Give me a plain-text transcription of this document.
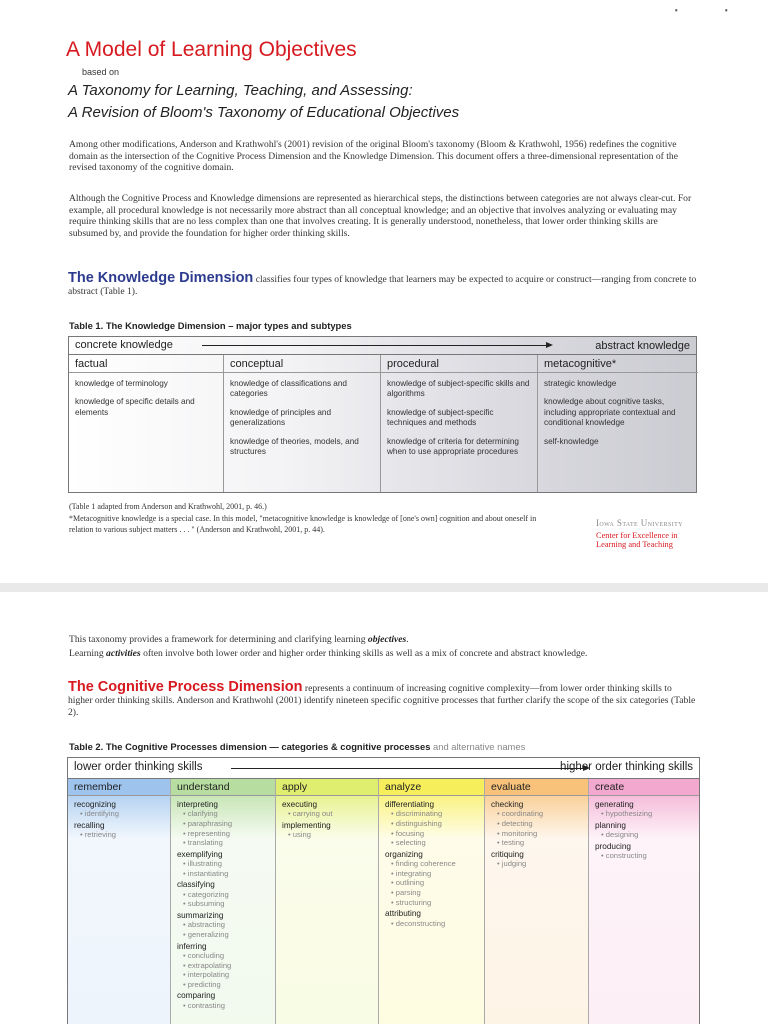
• •
A Model of Learning Objectives
based on
A Taxonomy for Learning, Teaching, and Assessing:
A Revision of Bloom's Taxonomy of Educational Objectives

Among other modifications, Anderson and Krathwohl's (2001) revision of the original Bloom's taxonomy (Bloom & Krathwohl, 1956) redefines the cognitive domain as the intersection of the Cognitive Process Dimension and the Knowledge Dimension. This document offers a three-dimensional representation of the revised taxonomy of the cognitive domain.

Although the Cognitive Process and Knowledge dimensions are represented as hierarchical steps, the distinctions between categories are not always clear-cut. For example, all procedural knowledge is not necessarily more abstract than all conceptual knowledge; and an objective that involves analyzing or evaluating may require thinking skills that are no less complex than one that involves creating. It is generally understood, nonetheless, that lower order thinking skills are subsumed by, and provide the foundation for higher order thinking skills.

The Knowledge Dimension classifies four types of knowledge that learners may be expected to acquire or construct—ranging from concrete to abstract (Table 1).

Table 1. The Knowledge Dimension – major types and subtypes
concrete knowledge	abstract knowledge
factual

knowledge of terminology

knowledge of specific details and elements

conceptual

knowledge of classifications and categories

knowledge of principles and generalizations

knowledge of theories, models, and structures

procedural

knowledge of subject-specific skills and algorithms

knowledge of subject-specific techniques and methods

knowledge of criteria for determining when to use appropriate procedures

metacognitive*

strategic knowledge

knowledge about cognitive tasks, including appropriate contextual and conditional knowledge

self-knowledge

(Table 1 adapted from Anderson and Krathwohl, 2001, p. 46.)

*Metacognitive knowledge is a special case. In this model, "metacognitive knowledge is knowledge of [one's own] cognition and about oneself in relation to various subject matters . . . " (Anderson and Krathwohl, 2001, p. 44).

Iowa State University
Center for Excellence in
Learning and Teaching

This taxonomy provides a framework for determining and clarifying learning objectives.

Learning activities often involve both lower order and higher order thinking skills as well as a mix of concrete and abstract knowledge.

The Cognitive Process Dimension represents a continuum of increasing cognitive complexity—from lower order thinking skills to higher order thinking skills. Anderson and Krathwohl (2001) identify nineteen specific cognitive processes that further clarify the scope of the six categories (Table 2).

Table 2. The Cognitive Processes dimension — categories & cognitive processes and alternative names
lower order thinking skills	higher order thinking skills
remember
recognizing
• identifying
recalling
• retrieving
understand
interpreting
• clarifying
• paraphrasing
• representing
• translating
exemplifying
• illustrating
• instantiating
classifying
• categorizing
• subsuming
summarizing
• abstracting
• generalizing
inferring
• concluding
• extrapolating
• interpolating
• predicting
comparing
• contrasting
apply
executing
• carrying out
implementing
• using
analyze
differentiating
• discriminating
• distinguishing
• focusing
• selecting
organizing
• finding coherence
• integrating
• outlining
• parsing
• structuring
attributing
• deconstructing
evaluate
checking
• coordinating
• detecting
• monitoring
• testing
critiquing
• judging
create
generating
• hypothesizing
planning
• designing
producing
• constructing
